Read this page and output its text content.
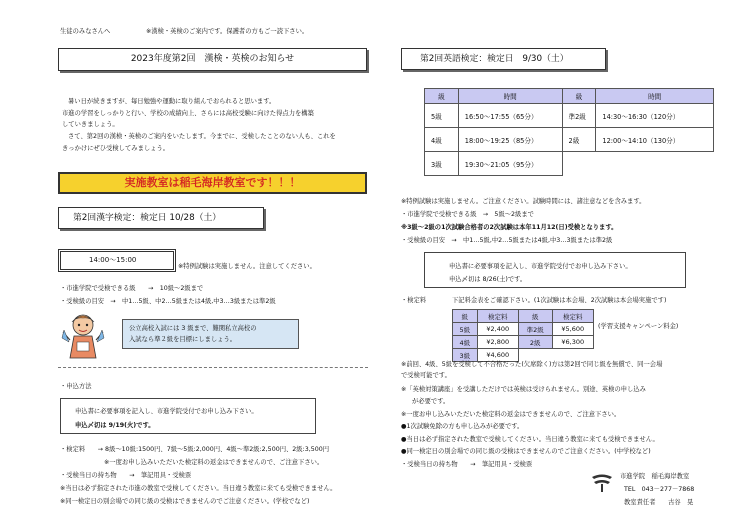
生徒のみなさんへ	※漢検・英検のご案内です。保護者の方もご一読下さい。
2023年度第2回　漢検・英検のお知らせ
暑い日が続きますが、毎日勉強や運動に取り組んでおられると思います。
市進の学習をしっかりと行い、学校の成績向上、さらには高校受験に向けた得点力を構築
していきましょう。
さて、第2回の漢検・英検のご案内をいたします。今までに、受検したことのない人も、これを
きっかけにぜひ受検してみましょう。
実施教室は稲毛海岸教室です！！！
第2回漢字検定：検定日 10/28（土）
14:00～15:00
※特例試験は実施しません。注意してください。
・市進学院で受検できる級　　→　10級～2級まで
・受検級の目安　→　中1…5級、中2…5級または4級,中3…3級または準2級
公立高校入試には 3 級まで、難関私立高校の
入試なら準２級を目標にしましょう。
・申込方法
申込書に必要事項を記入し、市進学院受付でお申し込み下さい。
申込〆切は 9/19(火)です。
・検定料　　→ 8級～10級:1500円、7級～5級:2,000円、4級～準2級:2,500円、2級:3,500円
※一度お申し込みいただいた検定料の返金はできませんので、ご注意下さい。
・受検当日の持ち物　　→　筆記用具・受検票
※当日は必ず指定された市進の教室で受検してください。当日違う教室に来ても受検できません。
※同一検定日の別会場での同じ級の受検はできませんのでご注意ください。(学校でなど)
第2回英語検定：検定日　9/30（土）
級	時間	級	時間
5級	16:50～17:55（65分）	準2級	14:30～16:30（120分）
4級	18:00～19:25（85分）	2級	12:00～14:10（130分）
3級	19:30～21:05（95分）		
※特例試験は実施しません。ご注意ください。試験時間には、諸注意などを含みます。
・市進学院で受検できる級　→　5級～2級まで
※3級～2級の1次試験合格者の2次試験は本年11月12(日)受検となります。
・受検級の目安　→　中1…5級,中2…5級または4級,中3…3級または準2級
申込書に必要事項を記入し、市進学院受付でお申し込み下さい。
申込〆切は 8/26(土)です。
・検定料	下記料金表をご確認下さい。(1次試験は本会場、2次試験は本会場実施です)
級	検定料	級	検定料
5級	¥2,400	準2級	¥5,600
4級	¥2,800	2級	¥6,300
3級	¥4,600		
(学習支援キャンペーン料金)
※前回、4級、5級を受検して不合格だった(欠席除く)方は第2回で同じ級を無償で、同一会場
で受検可能です。
※「英検対策講座」を受講しただけでは英検は受けられません。別途、英検の申し込み
が必要です。
※一度お申し込みいただいた検定料の返金はできませんので、ご注意下さい。
●1次試験免除の方も申し込みが必要です。
●当日は必ず指定された教室で受検してください。当日違う教室に来ても受検できません。
●同一検定日の別会場での同じ級の受検はできませんのでご注意ください。(中学校など)
・受検当日の持ち物　　→　筆記用具・受検票
市進学院　稲毛海岸教室
TEL　043－277－7868
教室責任者　　古谷　晃
